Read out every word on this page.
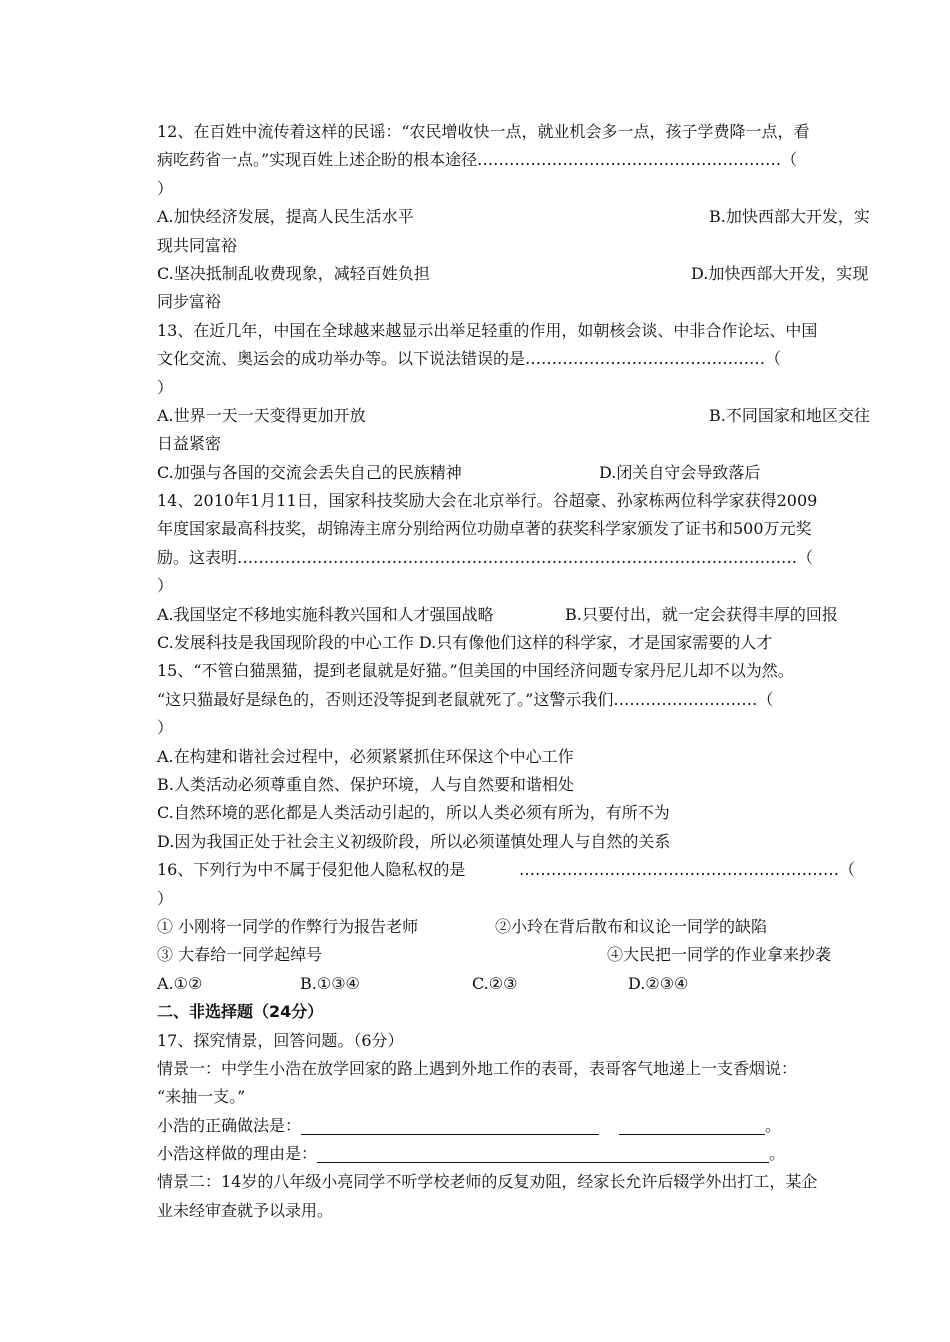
12、在百姓中流传着这样的民谣：“农民增收快一点，就业机会多一点，孩子学费降一点，看
病吃药省一点。”实现百姓上述企盼的根本途径…………………………………………………（
）
A.加快经济发展，提高人民生活水平	B.加快西部大开发，实
现共同富裕
C.坚决抵制乱收费现象，减轻百姓负担	D.加快西部大开发，实现
同步富裕
13、在近几年，中国在全球越来越显示出举足轻重的作用，如朝核会谈、中非合作论坛、中国
文化交流、奥运会的成功举办等。以下说法错误的是………………………………………（
）
A.世界一天一天变得更加开放	B.不同国家和地区交往
日益紧密
C.加强与各国的交流会丢失自己的民族精神	D.闭关自守会导致落后
14、2010年1月11日，国家科技奖励大会在北京举行。谷超豪、孙家栋两位科学家获得2009
年度国家最高科技奖，胡锦涛主席分别给两位功勋卓著的获奖科学家颁发了证书和500万元奖
励。这表明……………………………………………………………………………………………（
）
A.我国坚定不移地实施科教兴国和人才强国战略	B.只要付出，就一定会获得丰厚的回报
C.发展科技是我国现阶段的中心工作 D.只有像他们这样的科学家，才是国家需要的人才
15、“不管白猫黑猫，提到老鼠就是好猫。”但美国的中国经济问题专家丹尼儿却不以为然。
“这只猫最好是绿色的，否则还没等捉到老鼠就死了。”这警示我们………………………（
）
A.在构建和谐社会过程中，必须紧紧抓住环保这个中心工作
B.人类活动必须尊重自然、保护环境，人与自然要和谐相处
C.自然环境的恶化都是人类活动引起的，所以人类必须有所为，有所不为
D.因为我国正处于社会主义初级阶段，所以必须谨慎处理人与自然的关系
16、下列行为中不属于侵犯他人隐私权的是	……………………………………………………（
）
① 小刚将一同学的作弊行为报告老师	②小玲在背后散布和议论一同学的缺陷
③ 大春给一同学起绰号	④大民把一同学的作业拿来抄袭
A.①②	B.①③④	C.②③	D.②③④
二、非选择题（24分）
17、探究情景，回答问题。（6分）
情景一：中学生小浩在放学回家的路上遇到外地工作的表哥，表哥客气地递上一支香烟说：
“来抽一支。”
小浩的正确做法是：	。
小浩这样做的理由是：	。
情景二：14岁的八年级小亮同学不听学校老师的反复劝阻，经家长允许后辍学外出打工，某企
业未经审查就予以录用。
